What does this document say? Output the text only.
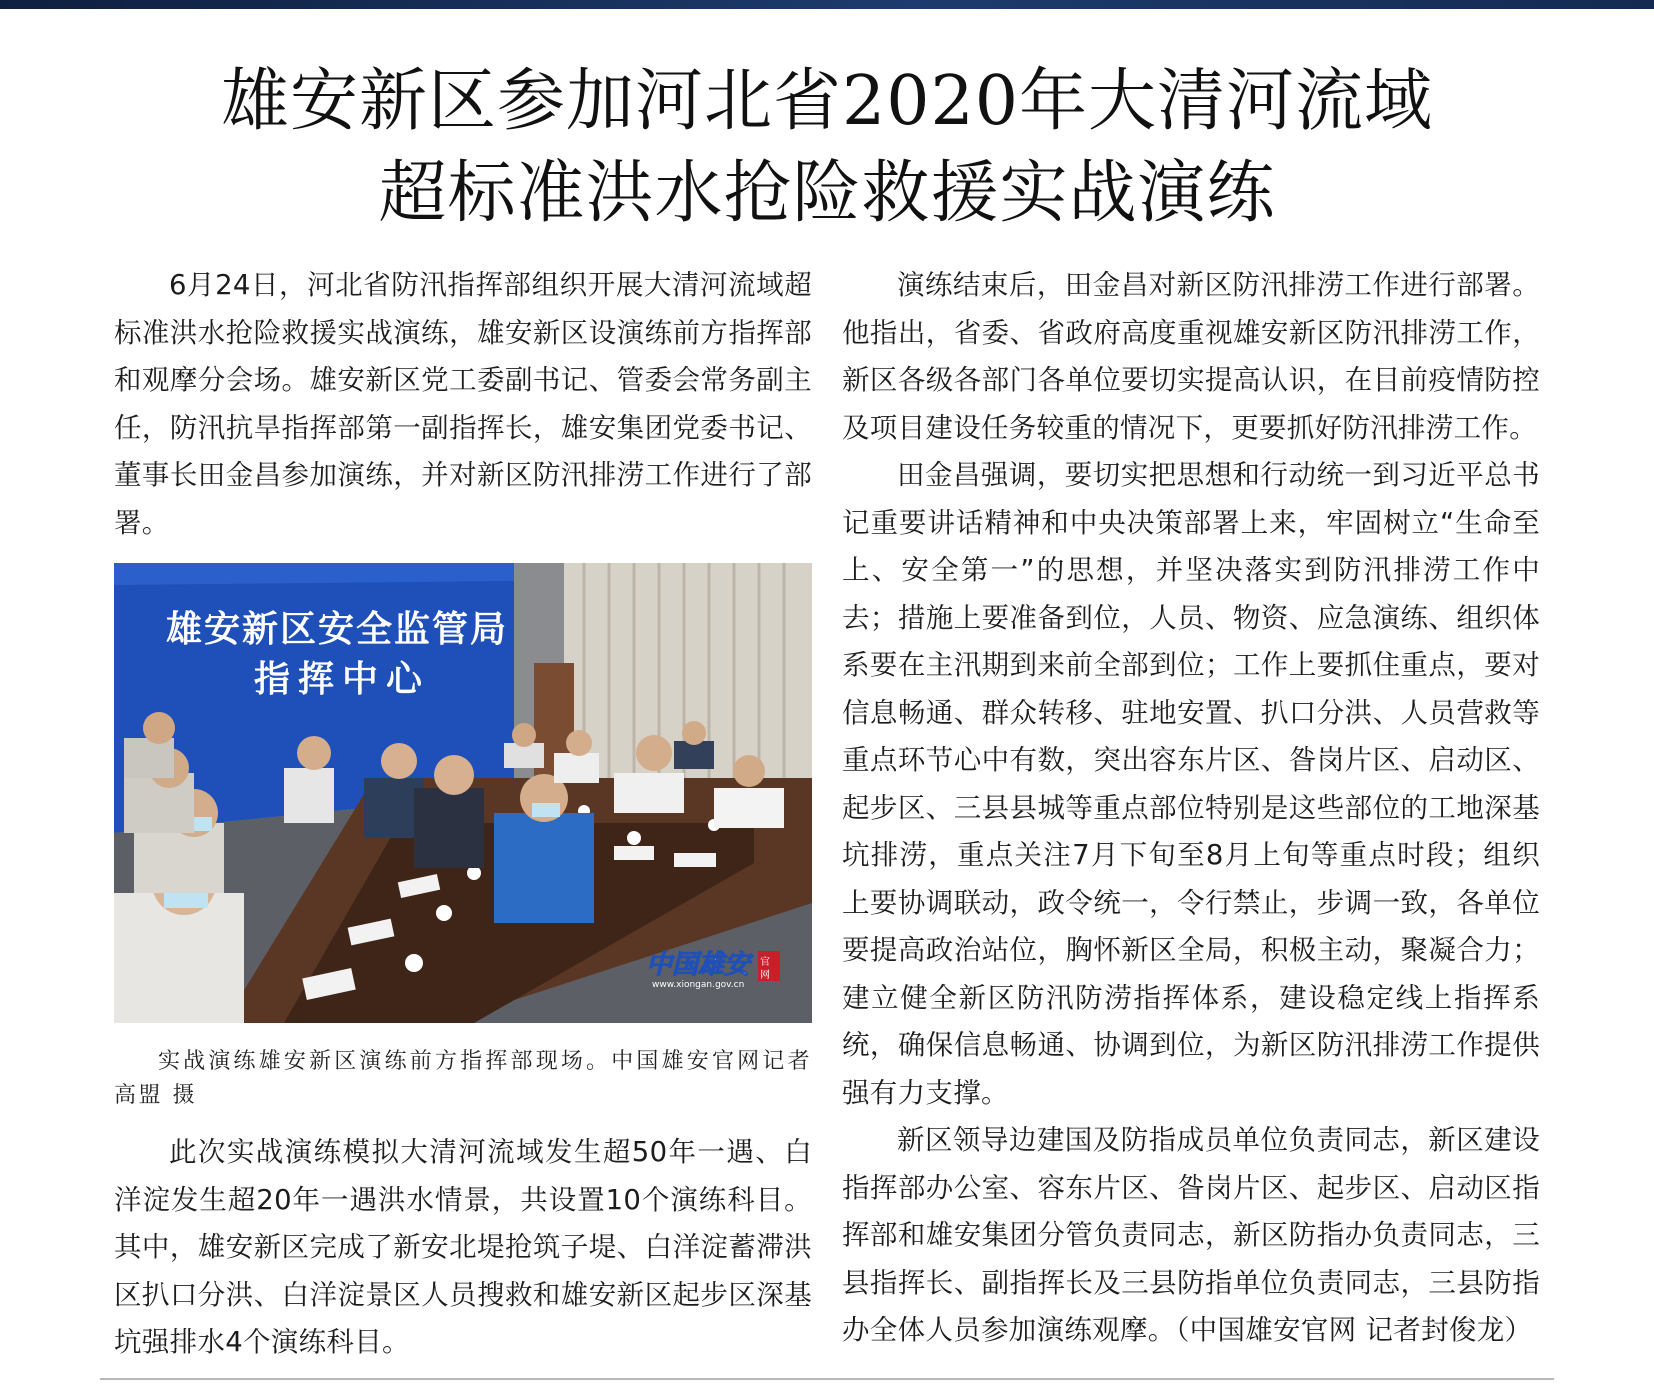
雄安新区参加河北省2020年大清河流域
超标准洪水抢险救援实战演练

6月24日，河北省防汛指挥部组织开展大清河流域超标准洪水抢险救援实战演练，雄安新区设演练前方指挥部和观摩分会场。雄安新区党工委副书记、管委会常务副主任，防汛抗旱指挥部第一副指挥长，雄安集团党委书记、董事长田金昌参加演练，并对新区防汛排涝工作进行了部署。

雄安新区安全监管局
指挥中心
中国雄安 官
网
www.xiongan.gov.cn

实战演练雄安新区演练前方指挥部现场。中国雄安官网记者高盟 摄

此次实战演练模拟大清河流域发生超50年一遇、白洋淀发生超20年一遇洪水情景，共设置10个演练科目。其中，雄安新区完成了新安北堤抢筑子堤、白洋淀蓄滞洪区扒口分洪、白洋淀景区人员搜救和雄安新区起步区深基坑强排水4个演练科目。

演练结束后，田金昌对新区防汛排涝工作进行部署。他指出，省委、省政府高度重视雄安新区防汛排涝工作，新区各级各部门各单位要切实提高认识，在目前疫情防控及项目建设任务较重的情况下，更要抓好防汛排涝工作。

田金昌强调，要切实把思想和行动统一到习近平总书记重要讲话精神和中央决策部署上来，牢固树立“生命至上、安全第一”的思想，并坚决落实到防汛排涝工作中去；措施上要准备到位，人员、物资、应急演练、组织体系要在主汛期到来前全部到位；工作上要抓住重点，要对信息畅通、群众转移、驻地安置、扒口分洪、人员营救等重点环节心中有数，突出容东片区、昝岗片区、启动区、起步区、三县县城等重点部位特别是这些部位的工地深基坑排涝，重点关注7月下旬至8月上旬等重点时段；组织上要协调联动，政令统一，令行禁止，步调一致，各单位要提高政治站位，胸怀新区全局，积极主动，聚凝合力；建立健全新区防汛防涝指挥体系，建设稳定线上指挥系统，确保信息畅通、协调到位，为新区防汛排涝工作提供强有力支撑。

新区领导边建国及防指成员单位负责同志，新区建设指挥部办公室、容东片区、昝岗片区、起步区、启动区指挥部和雄安集团分管负责同志，新区防指办负责同志，三县指挥长、副指挥长及三县防指单位负责同志，三县防指办全体人员参加演练观摩。（中国雄安官网 记者封俊龙）
